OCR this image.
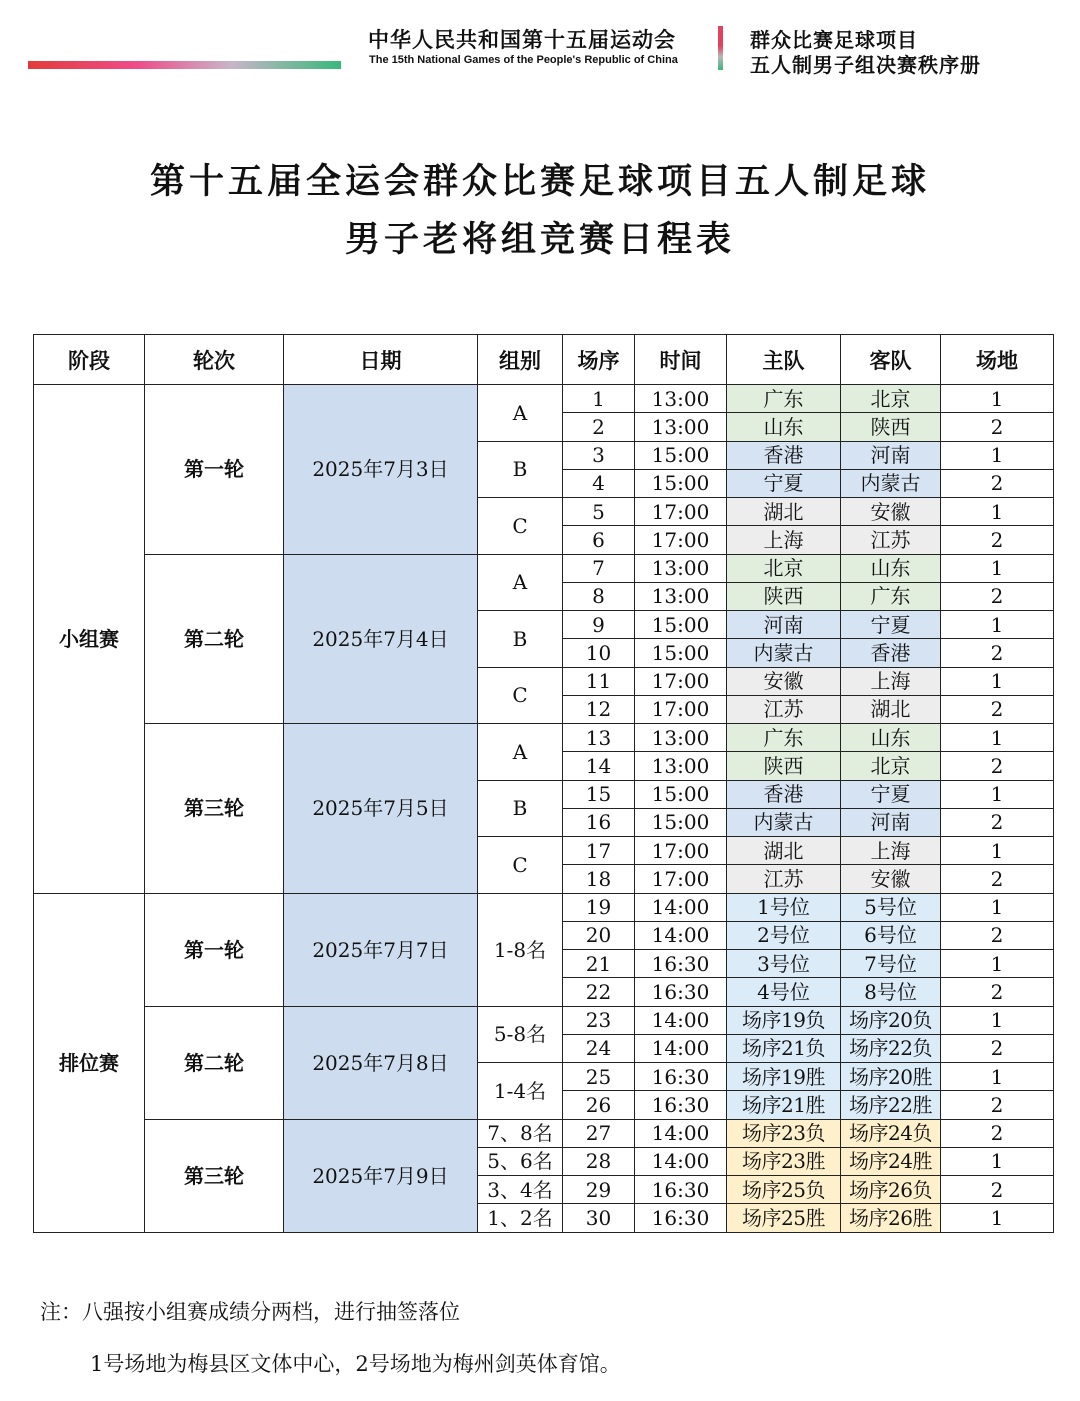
中华人民共和国第十五届运动会
The 15th National Games of the People's Republic of China
群众比赛足球项目
五人制男子组决赛秩序册
第十五届全运会群众比赛足球项目五人制足球
男子老将组竞赛日程表
阶段	轮次	日期	组别	场序	时间	主队	客队	场地
小组赛	第一轮	2025年7月3日	A	1	13:00	广东	北京	1
				2	13:00	山东	陕西	2
			B	3	15:00	香港	河南	1
				4	15:00	宁夏	内蒙古	2
			C	5	17:00	湖北	安徽	1
				6	17:00	上海	江苏	2
	第二轮	2025年7月4日	A	7	13:00	北京	山东	1
				8	13:00	陕西	广东	2
			B	9	15:00	河南	宁夏	1
				10	15:00	内蒙古	香港	2
			C	11	17:00	安徽	上海	1
				12	17:00	江苏	湖北	2
	第三轮	2025年7月5日	A	13	13:00	广东	山东	1
				14	13:00	陕西	北京	2
			B	15	15:00	香港	宁夏	1
				16	15:00	内蒙古	河南	2
			C	17	17:00	湖北	上海	1
				18	17:00	江苏	安徽	2
排位赛	第一轮	2025年7月7日	1-8名	19	14:00	1号位	5号位	1
				20	14:00	2号位	6号位	2
				21	16:30	3号位	7号位	1
				22	16:30	4号位	8号位	2
	第二轮	2025年7月8日	5-8名	23	14:00	场序19负	场序20负	1
				24	14:00	场序21负	场序22负	2
			1-4名	25	16:30	场序19胜	场序20胜	1
				26	16:30	场序21胜	场序22胜	2
	第三轮	2025年7月9日	7、8名	27	14:00	场序23负	场序24负	2
			5、6名	28	14:00	场序23胜	场序24胜	1
			3、4名	29	16:30	场序25负	场序26负	2
			1、2名	30	16:30	场序25胜	场序26胜	1
注：八强按小组赛成绩分两档，进行抽签落位
1号场地为梅县区文体中心，2号场地为梅州剑英体育馆。
